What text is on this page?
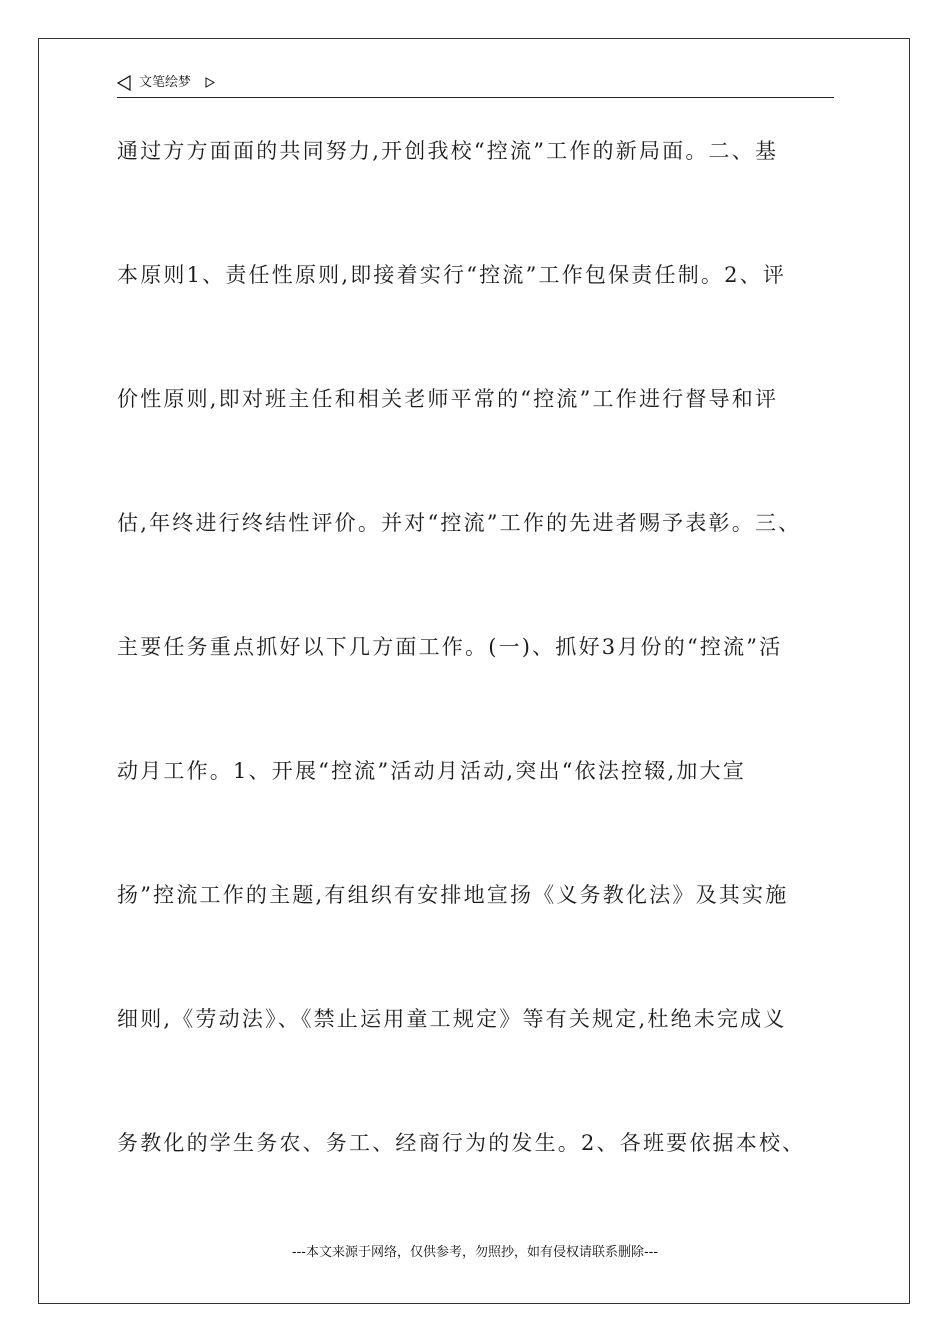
文笔绘梦
通过方方面面的共同努力,开创我校“控流”工作的新局面。二、基
本原则1、责任性原则,即接着实行“控流”工作包保责任制。2、评
价性原则,即对班主任和相关老师平常的“控流”工作进行督导和评
估,年终进行终结性评价。并对“控流”工作的先进者赐予表彰。三、
主要任务重点抓好以下几方面工作。(一)、抓好3月份的“控流”活
动月工作。1、开展“控流”活动月活动,突出“依法控辍,加大宣
扬”控流工作的主题,有组织有安排地宣扬《义务教化法》及其实施
细则,《劳动法》、《禁止运用童工规定》等有关规定,杜绝未完成义
务教化的学生务农、务工、经商行为的发生。2、各班要依据本校、
---本文来源于网络，仅供参考，勿照抄，如有侵权请联系删除---
